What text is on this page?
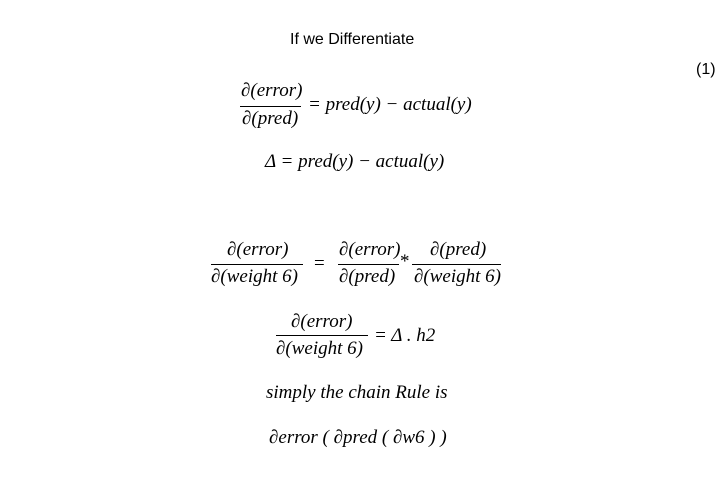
If we Differentiate
(1)
∂(error)
∂(pred)
= pred(y) − actual(y)
Δ = pred(y) − actual(y)
∂(error)
∂(weight 6)
=
∂(error)
∂(pred)
*
∂(pred)
∂(weight 6)
∂(error)
∂(weight 6)
= Δ . h2
simply the chain Rule is
∂error ( ∂pred ( ∂w6 ) )
